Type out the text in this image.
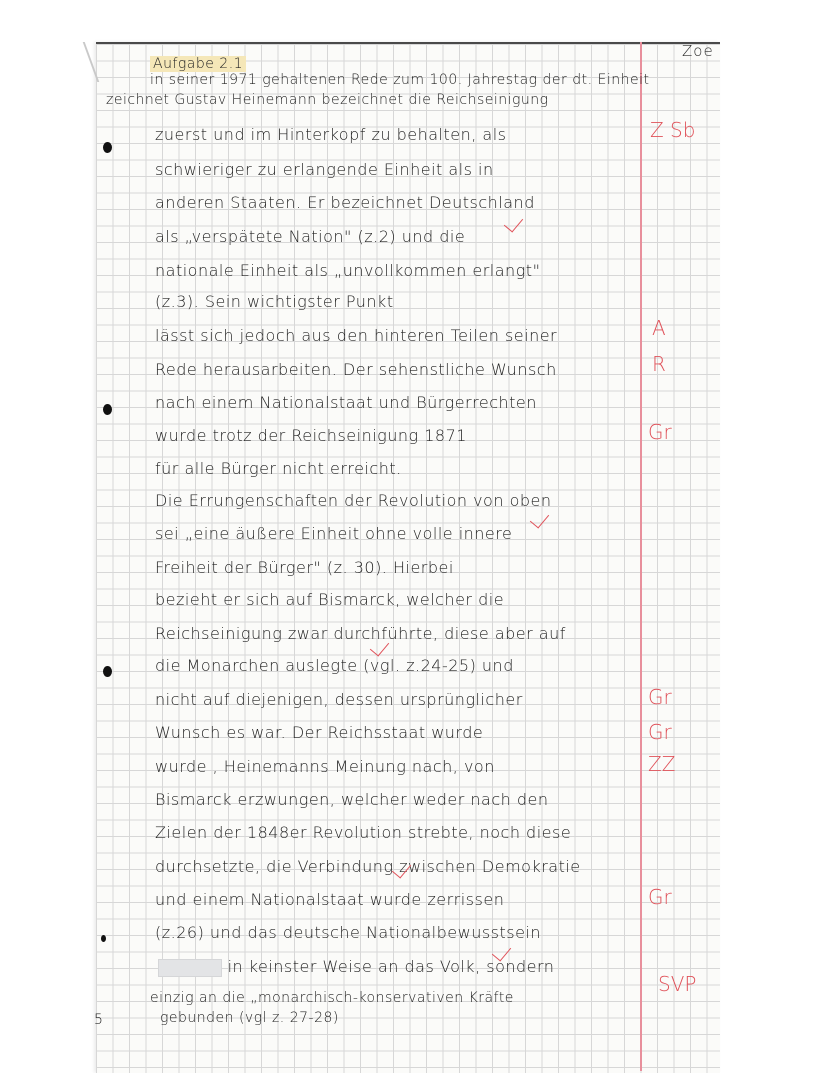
Zoe

Aufgabe 2.1

in seiner 1971 gehaltenen Rede zum 100. Jahrestag der dt. Einheit

zeichnet Gustav Heinemann bezeichnet die Reichseinigung

zuerst und im Hinterkopf zu behalten, als

schwieriger zu erlangende Einheit als in

anderen Staaten. Er bezeichnet Deutschland

als „verspätete Nation" (z.2) und die

nationale Einheit als „unvollkommen erlangt"

(z.3). Sein wichtigster Punkt

lässt sich jedoch aus den hinteren Teilen seiner

Rede herausarbeiten. Der sehenstliche Wunsch

nach einem Nationalstaat und Bürgerrechten

wurde trotz der Reichseinigung 1871

für alle Bürger nicht erreicht.

Die Errungenschaften der Revolution von oben

sei „eine äußere Einheit ohne volle innere

Freiheit der Bürger" (z. 30). Hierbei

bezieht er sich auf Bismarck, welcher die

Reichseinigung zwar durchführte, diese aber auf

die Monarchen auslegte (vgl. z.24-25) und

nicht auf diejenigen, dessen ursprünglicher

Wunsch es war. Der Reichsstaat wurde

wurde , Heinemanns Meinung nach, von

Bismarck erzwungen, welcher weder nach den

Zielen der 1848er Revolution strebte, noch diese

durchsetzte, die Verbindung zwischen Demokratie

und einem Nationalstaat wurde zerrissen

(z.26) und das deutsche Nationalbewusstsein

in keinster Weise an das Volk, sondern

einzig an die „monarchisch-konservativen Kräfte

gebunden (vgl z. 27-28)

5
Z Sb
A
R
Gr
Gr
Gr
ZZ
Gr
SVP
